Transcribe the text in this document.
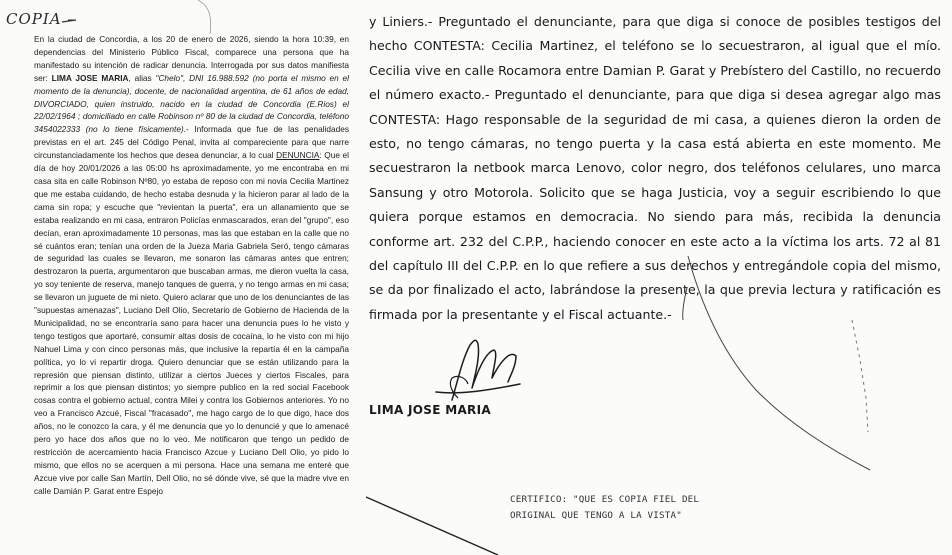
COPIA –

En la ciudad de Concordia, a los 20 de enero de 2026, siendo la hora 10:39, en dependencias del Ministerio Público Fiscal, comparece una persona que ha manifestado su intención de radicar denuncia. Interrogada por sus datos manifiesta ser: LIMA JOSE MARIA, alias "Chelo", DNI 16.988.592 (no porta el mismo en el momento de la denuncia), docente, de nacionalidad argentina, de 61 años de edad, DIVORCIADO, quien instruido, nacido en la ciudad de Concordia (E.Rios) el 22/02/1964 ; domiciliado en calle Robinson nº 80 de la ciudad de Concordia, teléfono 3454022333 (no lo tiene físicamente).- Informada que fue de las penalidades previstas en el art. 245 del Código Penal, invita al compareciente para que narre circunstanciadamente los hechos que desea denunciar, a lo cual DENUNCIA: Que el día de hoy 20/01/2026 a las 05:00 hs aproximadamente, yo me encontraba en mi casa sita en calle Robinson Nº80, yo estaba de reposo con mi novia Cecilia Martinez que me estaba cuidando, de hecho estaba desnuda y la hicieron parar al lado de la cama sin ropa; y escuche que "revientan la puerta", era un allanamiento que se estaba realizando en mi casa, entraron Policías enmascarados, eran del "grupo", eso decían, eran aproximadamente 10 personas, mas las que estaban en la calle que no sé cuántos eran; tenían una orden de la Jueza Maria Gabriela Seró, tengo cámaras de seguridad las cuales se llevaron, me sonaron las cámaras antes que entren; destrozaron la puerta, argumentaron que buscaban armas, me dieron vuelta la casa, yo soy teniente de reserva, manejo tanques de guerra, y no tengo armas en mi casa; se llevaron un juguete de mi nieto. Quiero aclarar que uno de los denunciantes de las "supuestas amenazas", Luciano Dell Olio, Secretario de Gobierno de Hacienda de la Municipalidad, no se encontraría sano para hacer una denuncia pues lo he visto y tengo testigos que aportaré, consumir altas dosis de cocaína, lo he visto con mi hijo Nahuel Lima y con cinco personas más, que inclusive la repartía él en la campaña política, yo lo vi repartir droga. Quiero denunciar que se están utilizando para la represión que piensan distinto, utilizar a ciertos Jueces y ciertos Fiscales, para reprimir a los que piensan distintos; yo siempre publico en la red social Facebook cosas contra el gobierno actual, contra Milei y contra los Gobiernos anteriores. Yo no veo a Francisco Azcué, Fiscal "fracasado", me hago cargo de lo que digo, hace dos años, no le conozco la cara, y él me denuncia que yo lo denuncié y que lo amenacé pero yo hace dos años que no lo veo. Me notificaron que tengo un pedido de restricción de acercamiento hacia Francisco Azcue y Luciano Dell Olio, yo pido lo mismo, que ellos no se acerquen a mi persona. Hace una semana me enteré que Azcue vive por calle San Martín, Dell Olio, no sé dónde vive, sé que la madre vive en calle Damián P. Garat entre Espejo

y Liniers.- Preguntado el denunciante, para que diga si conoce de posibles testigos del hecho CONTESTA: Cecilia Martinez, el teléfono se lo secuestraron, al igual que el mío. Cecilia vive en calle Rocamora entre Damian P. Garat y Prebístero del Castillo, no recuerdo el número exacto.- Preguntado el denunciante, para que diga si desea agregar algo mas CONTESTA: Hago responsable de la seguridad de mi casa, a quienes dieron la orden de esto, no tengo cámaras, no tengo puerta y la casa está abierta en este momento. Me secuestraron la netbook marca Lenovo, color negro, dos teléfonos celulares, uno marca Sansung y otro Motorola. Solicito que se haga Justicia, voy a seguir escribiendo lo que quiera porque estamos en democracia. No siendo para más, recibida la denuncia conforme art. 232 del C.P.P., haciendo conocer en este acto a la víctima los arts. 72 al 81 del capítulo III del C.P.P. en lo que refiere a sus derechos y entregándole copia del mismo, se da por finalizado el acto, labrándose la presente, la que previa lectura y ratificación es firmada por la presentante y el Fiscal actuante.-

LIMA JOSE MARIA
CERTIFICO: "QUE ES COPIA FIEL DEL
ORIGINAL QUE TENGO A LA VISTA"
